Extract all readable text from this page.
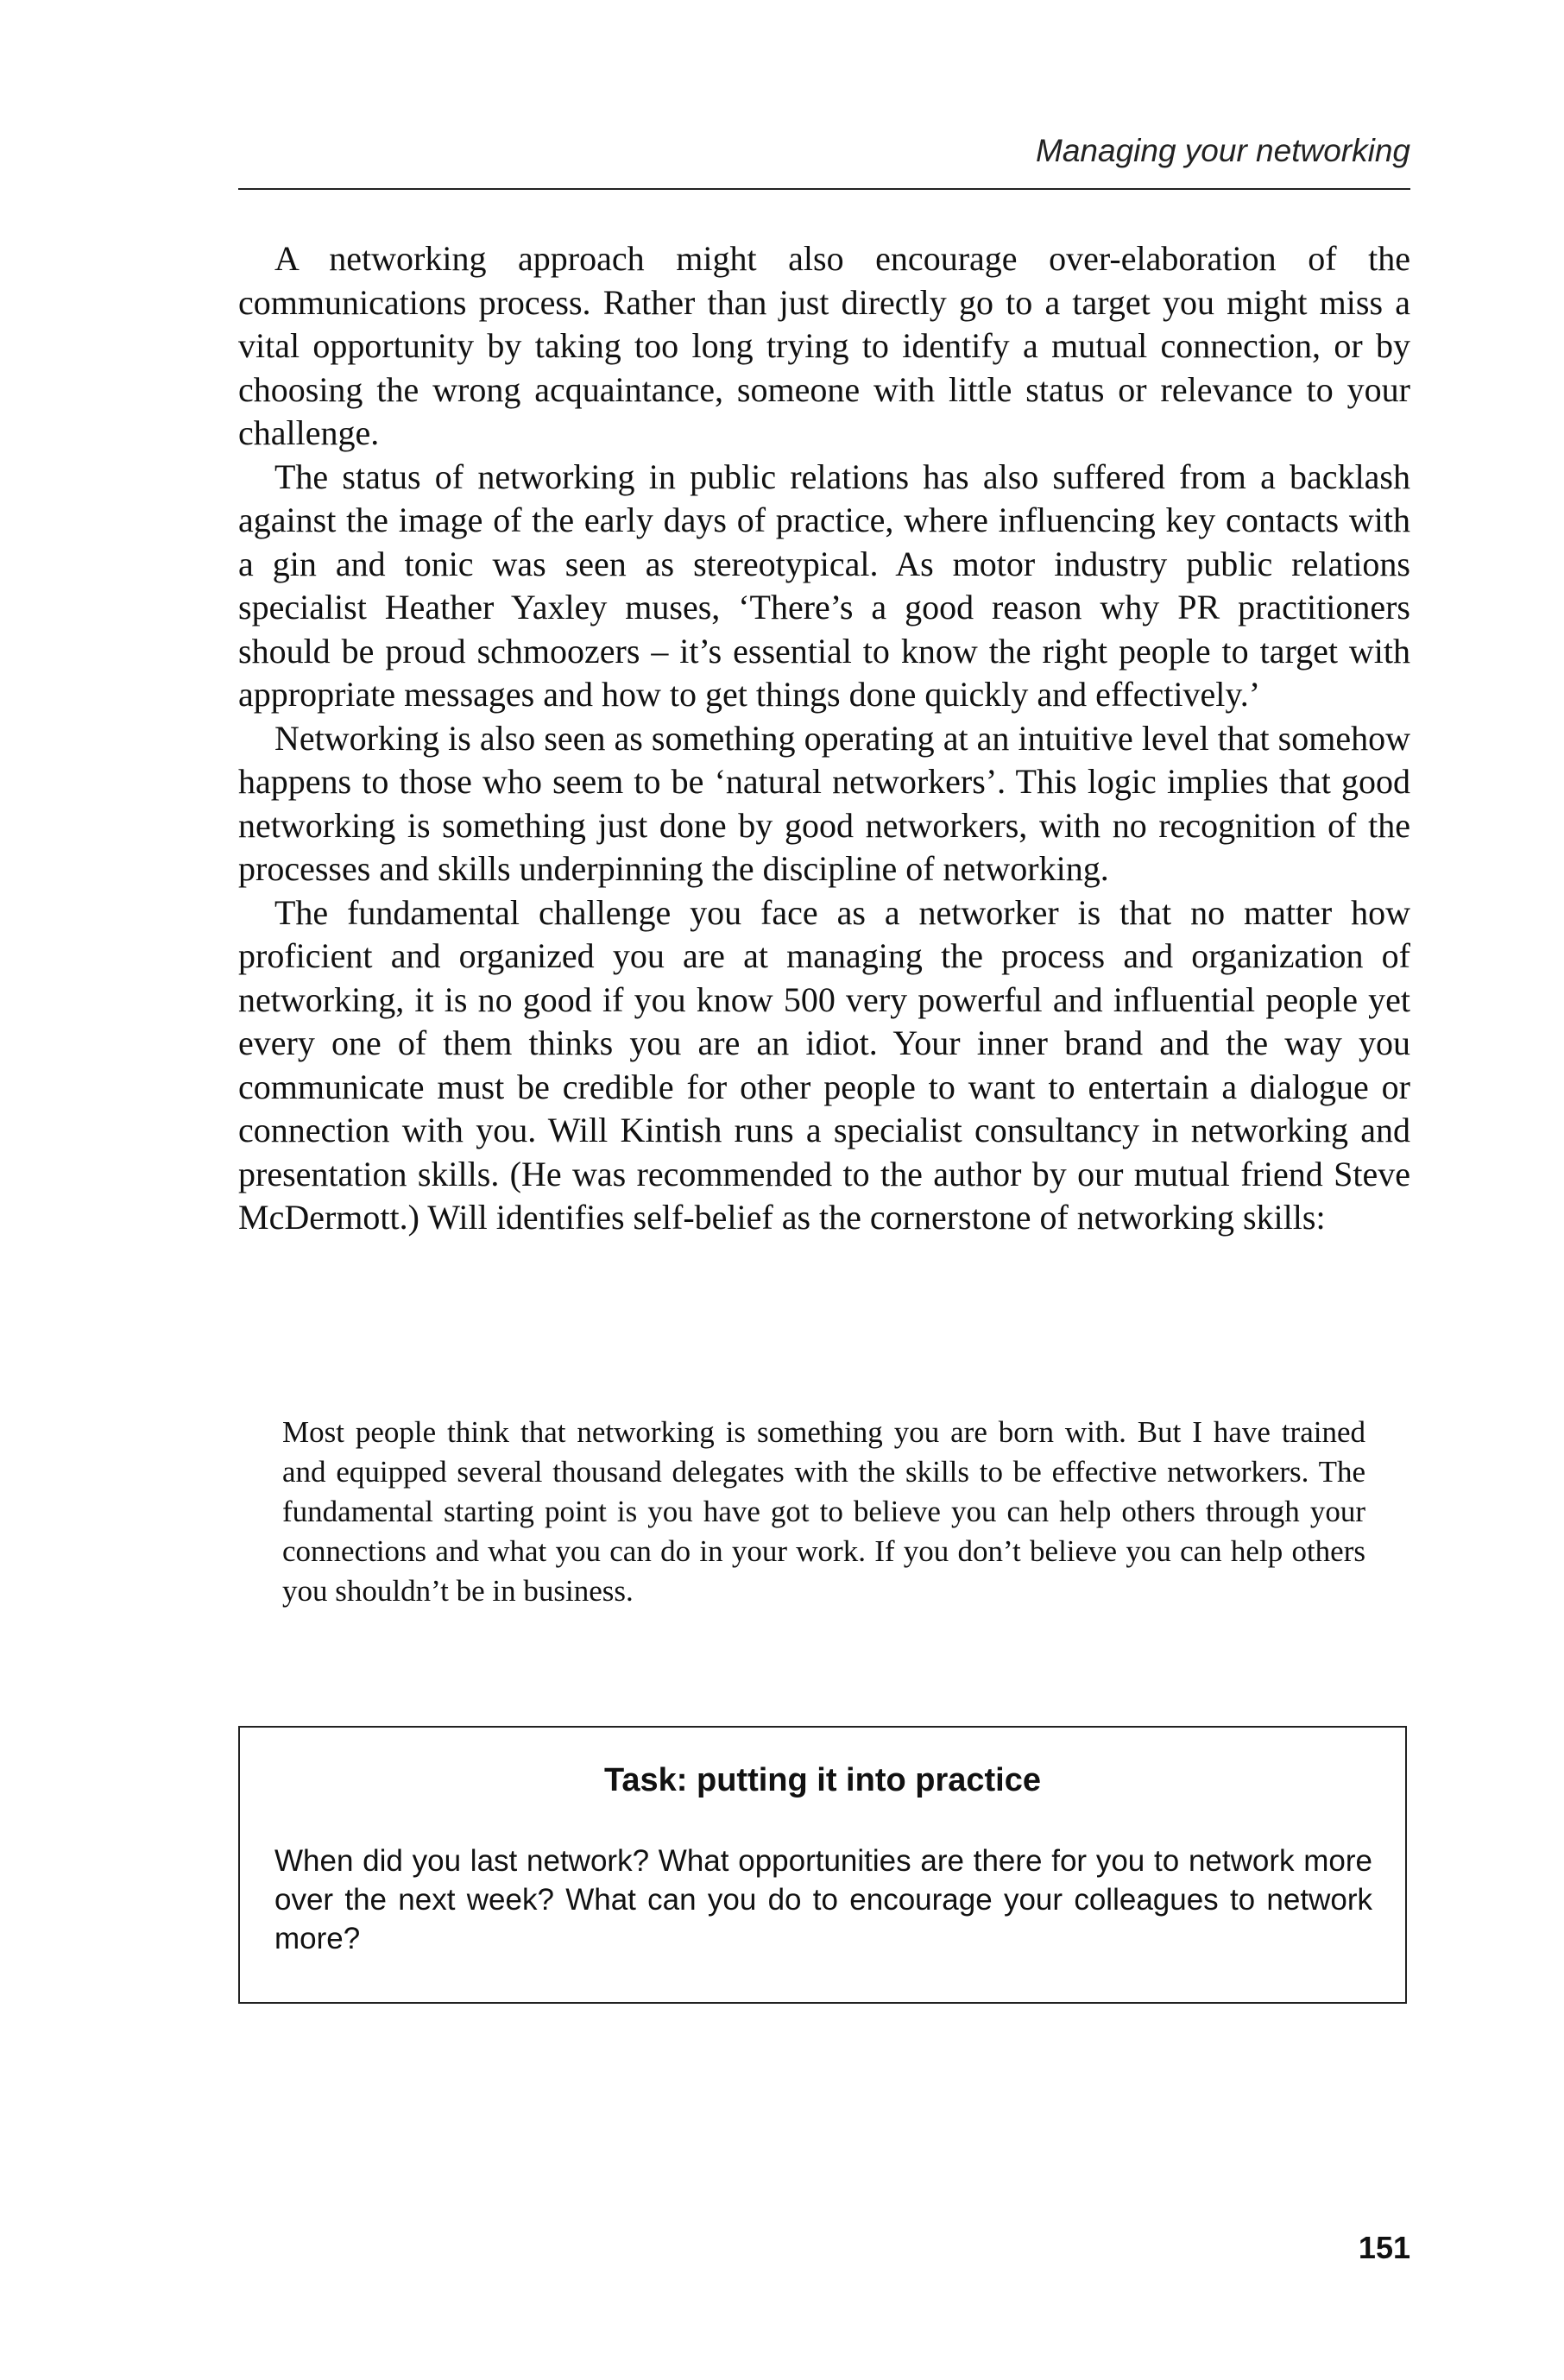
Managing your networking

A networking approach might also encourage over-elaboration of the communications process. Rather than just directly go to a target you might miss a vital opportunity by taking too long trying to identify a mutual connection, or by choosing the wrong acquaintance, someone with little status or relevance to your challenge.

The status of networking in public relations has also suffered from a backlash against the image of the early days of practice, where influencing key contacts with a gin and tonic was seen as stereotypical. As motor industry public relations specialist Heather Yaxley muses, ‘There’s a good reason why PR practitioners should be proud schmoozers – it’s essential to know the right people to target with appropriate messages and how to get things done quickly and effectively.’

Networking is also seen as something operating at an intuitive level that somehow happens to those who seem to be ‘natural networkers’. This logic implies that good networking is something just done by good networkers, with no recognition of the processes and skills underpinning the discipline of networking.

The fundamental challenge you face as a networker is that no matter how proficient and organized you are at managing the process and organization of networking, it is no good if you know 500 very powerful and influential people yet every one of them thinks you are an idiot. Your inner brand and the way you communicate must be credible for other people to want to entertain a dialogue or connection with you. Will Kintish runs a specialist consultancy in networking and presentation skills. (He was recommended to the author by our mutual friend Steve McDermott.) Will identifies self-belief as the cornerstone of networking skills:

Most people think that networking is something you are born with. But I have trained and equipped several thousand delegates with the skills to be effective networkers. The fundamental starting point is you have got to believe you can help others through your connections and what you can do in your work. If you don’t believe you can help others you shouldn’t be in business.

Task: putting it into practice
When did you last network? What opportunities are there for you to network more over the next week? What can you do to encourage your colleagues to network more?
151
